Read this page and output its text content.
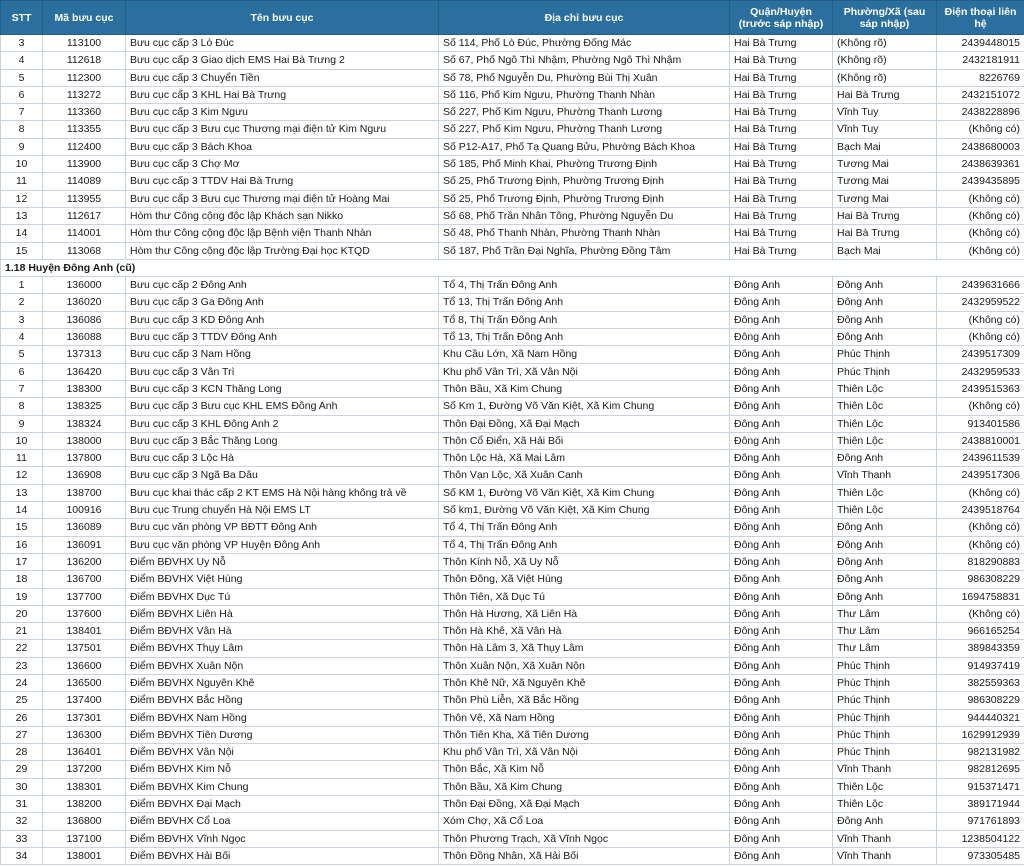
STT	Mã bưu cục	Tên bưu cục	Địa chỉ bưu cục	Quận/Huyện (trước sáp nhập)	Phường/Xã (sau sáp nhập)	Điện thoại liên hệ
3	113100	Bưu cục cấp 3 Lò Đúc	Số 114, Phố Lò Đúc, Phường Đống Mác	Hai Bà Trưng	(Không rõ)	2439448015
4	112618	Bưu cục cấp 3 Giao dịch EMS Hai Bà Trưng 2	Số 67, Phố Ngô Thì Nhậm, Phường Ngô Thì Nhậm	Hai Bà Trưng	(Không rõ)	2432181911
5	112300	Bưu cục cấp 3 Chuyển Tiền	Số 78, Phố Nguyễn Du, Phường Bùi Thị Xuân	Hai Bà Trưng	(Không rõ)	8226769
6	113272	Bưu cục cấp 3 KHL Hai Bà Trưng	Số 116, Phố Kim Ngưu, Phường Thanh Nhàn	Hai Bà Trưng	Hai Bà Trưng	2432151072
7	113360	Bưu cục cấp 3 Kim Ngưu	Số 227, Phố Kim Ngưu, Phường Thanh Lương	Hai Bà Trưng	Vĩnh Tuy	2438228896
8	113355	Bưu cục cấp 3 Bưu cục Thương mại điện tử Kim Ngưu	Số 227, Phố Kim Ngưu, Phường Thanh Lương	Hai Bà Trưng	Vĩnh Tuy	(Không có)
9	112400	Bưu cục cấp 3 Bách Khoa	Số P12-A17, Phố Tạ Quang Bửu, Phường Bách Khoa	Hai Bà Trưng	Bạch Mai	2438680003
10	113900	Bưu cục cấp 3 Chợ Mơ	Số 185, Phố Minh Khai, Phường Trương Định	Hai Bà Trưng	Tương Mai	2438639361
11	114089	Bưu cục cấp 3 TTDV Hai Bà Trưng	Số 25, Phố Trương Định, Phường Trương Định	Hai Bà Trưng	Tương Mai	2439435895
12	113955	Bưu cục cấp 3 Bưu cục Thương mại điện tử Hoàng Mai	Số 25, Phố Trương Định, Phường Trương Định	Hai Bà Trưng	Tương Mai	(Không có)
13	112617	Hòm thư Công cộng độc lập Khách sạn Nikko	Số 68, Phố Trần Nhân Tông, Phường Nguyễn Du	Hai Bà Trưng	Hai Bà Trưng	(Không có)
14	114001	Hòm thư Công cộng độc lập Bệnh viện Thanh Nhàn	Số 48, Phố Thanh Nhàn, Phường Thanh Nhàn	Hai Bà Trưng	Hai Bà Trưng	(Không có)
15	113068	Hòm thư Công cộng độc lập Trường Đại học KTQD	Số 187, Phố Trần Đại Nghĩa, Phường Đồng Tâm	Hai Bà Trưng	Bạch Mai	(Không có)
1.18 Huyện Đông Anh (cũ)						
1	136000	Bưu cục cấp 2 Đông Anh	Tổ 4, Thị Trấn Đông Anh	Đông Anh	Đông Anh	2439631666
2	136020	Bưu cục cấp 3 Ga Đông Anh	Tổ 13, Thị Trấn Đông Anh	Đông Anh	Đông Anh	2432959522
3	136086	Bưu cục cấp 3 KD Đông Anh	Tổ 8, Thị Trấn Đông Anh	Đông Anh	Đông Anh	(Không có)
4	136088	Bưu cục cấp 3 TTDV Đông Anh	Tổ 13, Thị Trấn Đông Anh	Đông Anh	Đông Anh	(Không có)
5	137313	Bưu cục cấp 3 Nam Hồng	Khu Cầu Lớn, Xã Nam Hồng	Đông Anh	Phúc Thịnh	2439517309
6	136420	Bưu cục cấp 3 Vân Trì	Khu phố Vân Trì, Xã Vân Nội	Đông Anh	Phúc Thịnh	2432959533
7	138300	Bưu cục cấp 3 KCN Thăng Long	Thôn Bầu, Xã Kim Chung	Đông Anh	Thiên Lộc	2439515363
8	138325	Bưu cục cấp 3 Bưu cục KHL EMS Đông Anh	Số Km 1, Đường Võ Văn Kiệt, Xã Kim Chung	Đông Anh	Thiên Lộc	(Không có)
9	138324	Bưu cục cấp 3 KHL Đông Anh 2	Thôn Đại Đồng, Xã Đại Mạch	Đông Anh	Thiên Lộc	913401586
10	138000	Bưu cục cấp 3 Bắc Thăng Long	Thôn Cổ Điển, Xã Hải Bối	Đông Anh	Thiên Lộc	2438810001
11	137800	Bưu cục cấp 3 Lộc Hà	Thôn Lộc Hà, Xã Mai Lâm	Đông Anh	Đông Anh	2439611539
12	136908	Bưu cục cấp 3 Ngã Ba Dâu	Thôn Vạn Lộc, Xã Xuân Canh	Đông Anh	Vĩnh Thanh	2439517306
13	138700	Bưu cục khai thác cấp 2 KT EMS Hà Nội hàng không trả về	Số KM 1, Đường Võ Văn Kiệt, Xã Kim Chung	Đông Anh	Thiên Lộc	(Không có)
14	100916	Bưu cục Trung chuyển Hà Nội EMS LT	Số km1, Đường Võ Văn Kiệt, Xã Kim Chung	Đông Anh	Thiên Lộc	2439518764
15	136089	Bưu cục văn phòng VP BĐTT Đông Anh	Tổ 4, Thị Trấn Đông Anh	Đông Anh	Đông Anh	(Không có)
16	136091	Bưu cục văn phòng VP Huyện Đông Anh	Tổ 4, Thị Trấn Đông Anh	Đông Anh	Đông Anh	(Không có)
17	136200	Điểm BĐVHX Uy Nỗ	Thôn Kính Nỗ, Xã Uy Nỗ	Đông Anh	Đông Anh	818290883
18	136700	Điểm BĐVHX Việt Hùng	Thôn Đông, Xã Việt Hùng	Đông Anh	Đông Anh	986308229
19	137700	Điểm BĐVHX Dục Tú	Thôn Tiên, Xã Dục Tú	Đông Anh	Đông Anh	1694758831
20	137600	Điểm BĐVHX Liên Hà	Thôn Hà Hương, Xã Liên Hà	Đông Anh	Thư Lâm	(Không có)
21	138401	Điểm BĐVHX Vân Hà	Thôn Hà Khê, Xã Vân Hà	Đông Anh	Thư Lâm	966165254
22	137501	Điểm BĐVHX Thụy Lâm	Thôn Hà Lâm 3, Xã Thụy Lâm	Đông Anh	Thư Lâm	389843359
23	136600	Điểm BĐVHX Xuân Nộn	Thôn Xuân Nộn, Xã Xuân Nộn	Đông Anh	Phúc Thịnh	914937419
24	136500	Điểm BĐVHX Nguyên Khê	Thôn Khê Nữ, Xã Nguyên Khê	Đông Anh	Phúc Thịnh	382559363
25	137400	Điểm BĐVHX Bắc Hồng	Thôn Phù Liễn, Xã Bắc Hồng	Đông Anh	Phúc Thịnh	986308229
26	137301	Điểm BĐVHX Nam Hồng	Thôn Vệ, Xã Nam Hồng	Đông Anh	Phúc Thịnh	944440321
27	136300	Điểm BĐVHX Tiên Dương	Thôn Tiên Kha, Xã Tiên Dương	Đông Anh	Phúc Thịnh	1629912939
28	136401	Điểm BĐVHX Vân Nội	Khu phố Vân Trì, Xã Vân Nội	Đông Anh	Phúc Thịnh	982131982
29	137200	Điểm BĐVHX Kim Nỗ	Thôn Bắc, Xã Kim Nỗ	Đông Anh	Vĩnh Thanh	982812695
30	138301	Điểm BĐVHX Kim Chung	Thôn Bầu, Xã Kim Chung	Đông Anh	Thiên Lộc	915371471
31	138200	Điểm BĐVHX Đại Mạch	Thôn Đại Đồng, Xã Đại Mạch	Đông Anh	Thiên Lộc	389171944
32	136800	Điểm BĐVHX Cổ Loa	Xóm Chợ, Xã Cổ Loa	Đông Anh	Đông Anh	971761893
33	137100	Điểm BĐVHX Vĩnh Ngọc	Thôn Phương Trạch, Xã Vĩnh Ngọc	Đông Anh	Vĩnh Thanh	1238504122
34	138001	Điểm BĐVHX Hải Bối	Thôn Đồng Nhân, Xã Hải Bối	Đông Anh	Vĩnh Thanh	973305485
